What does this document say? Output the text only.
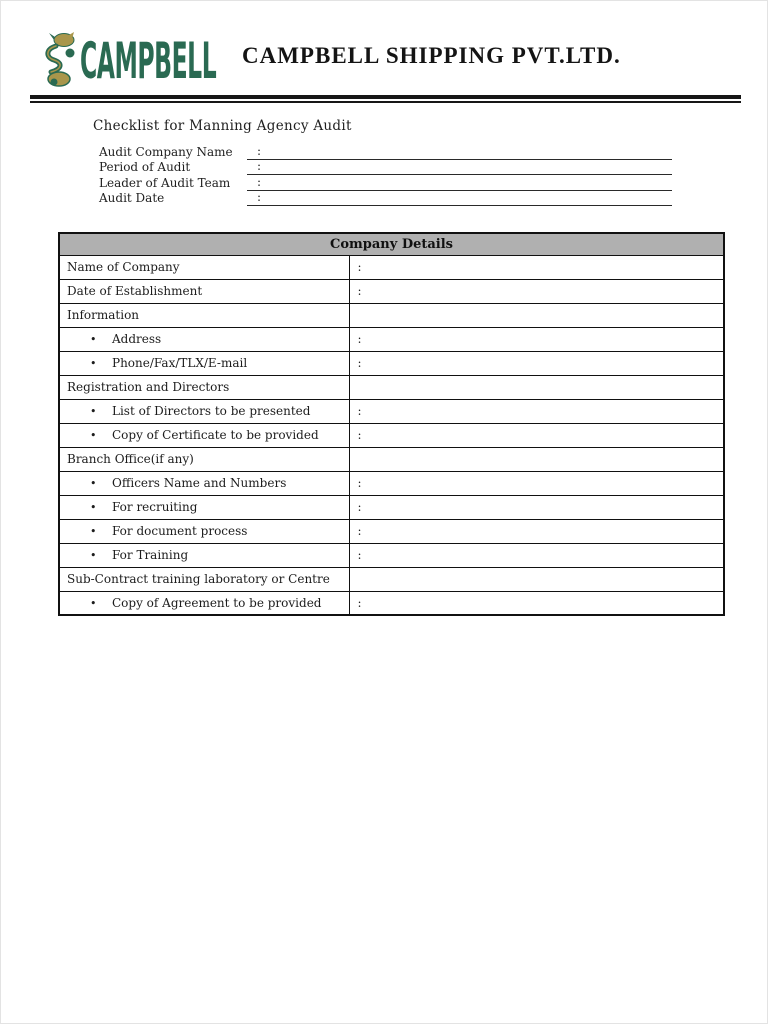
CAMPBELL CAMPBELL SHIPPING PVT.LTD.
Checklist for Manning Agency Audit
Audit Company Name	:
Period of Audit	:
Leader of Audit Team	:
Audit Date	:
Company Details	
Name of Company	:
Date of Establishment	:
Information	
• Address	:
• Phone/Fax/TLX/E-mail	:
Registration and Directors	
• List of Directors to be presented	:
• Copy of Certificate to be provided	:
Branch Office(if any)	
• Officers Name and Numbers	:
• For recruiting	:
• For document process	:
• For Training	:
Sub-Contract training laboratory or Centre	
• Copy of Agreement to be provided	:
